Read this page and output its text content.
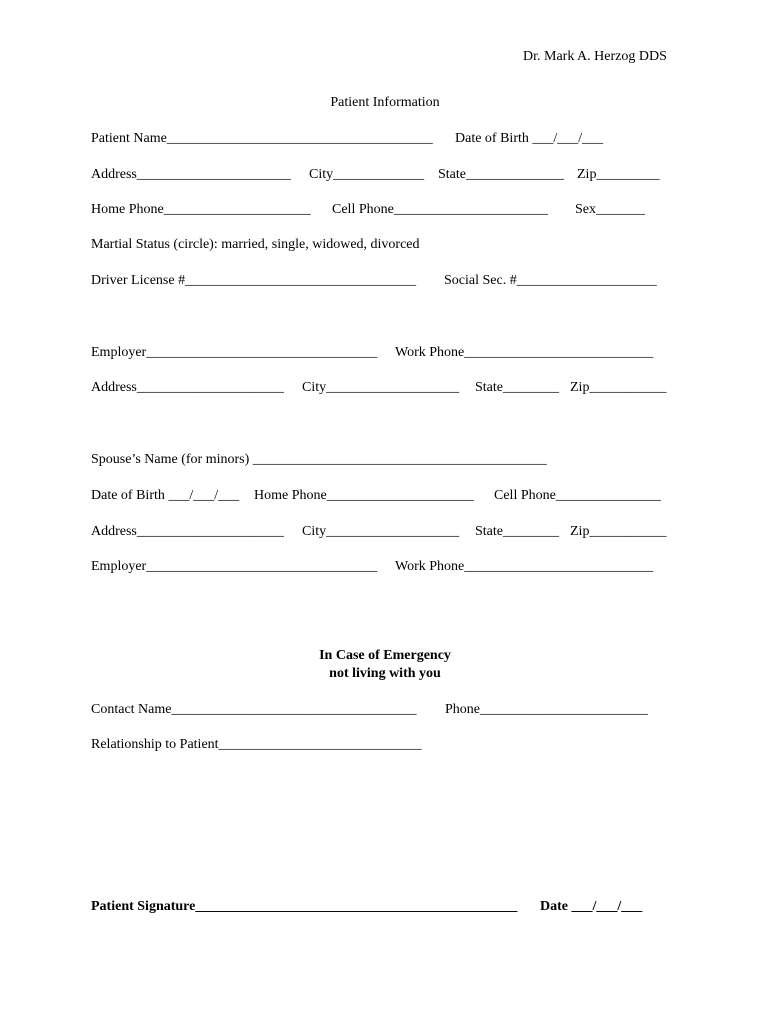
Dr. Mark A. Herzog DDS
Patient Information
Patient Name______________________________________ Date of Birth ___/___/___
Address______________________ City_____________ State______________ Zip_________
Home Phone_____________________ Cell Phone______________________ Sex_______
Martial Status (circle): married, single, widowed, divorced
Driver License #_________________________________ Social Sec. #____________________
Employer_________________________________ Work Phone___________________________
Address_____________________ City___________________ State________ Zip___________
Spouse’s Name (for minors) __________________________________________
Date of Birth ___/___/___ Home Phone_____________________ Cell Phone_______________
Address_____________________ City___________________ State________ Zip___________
Employer_________________________________ Work Phone___________________________
In Case of Emergency
not living with you
Contact Name___________________________________ Phone________________________
Relationship to Patient_____________________________
Patient Signature______________________________________________ Date ___/___/___
